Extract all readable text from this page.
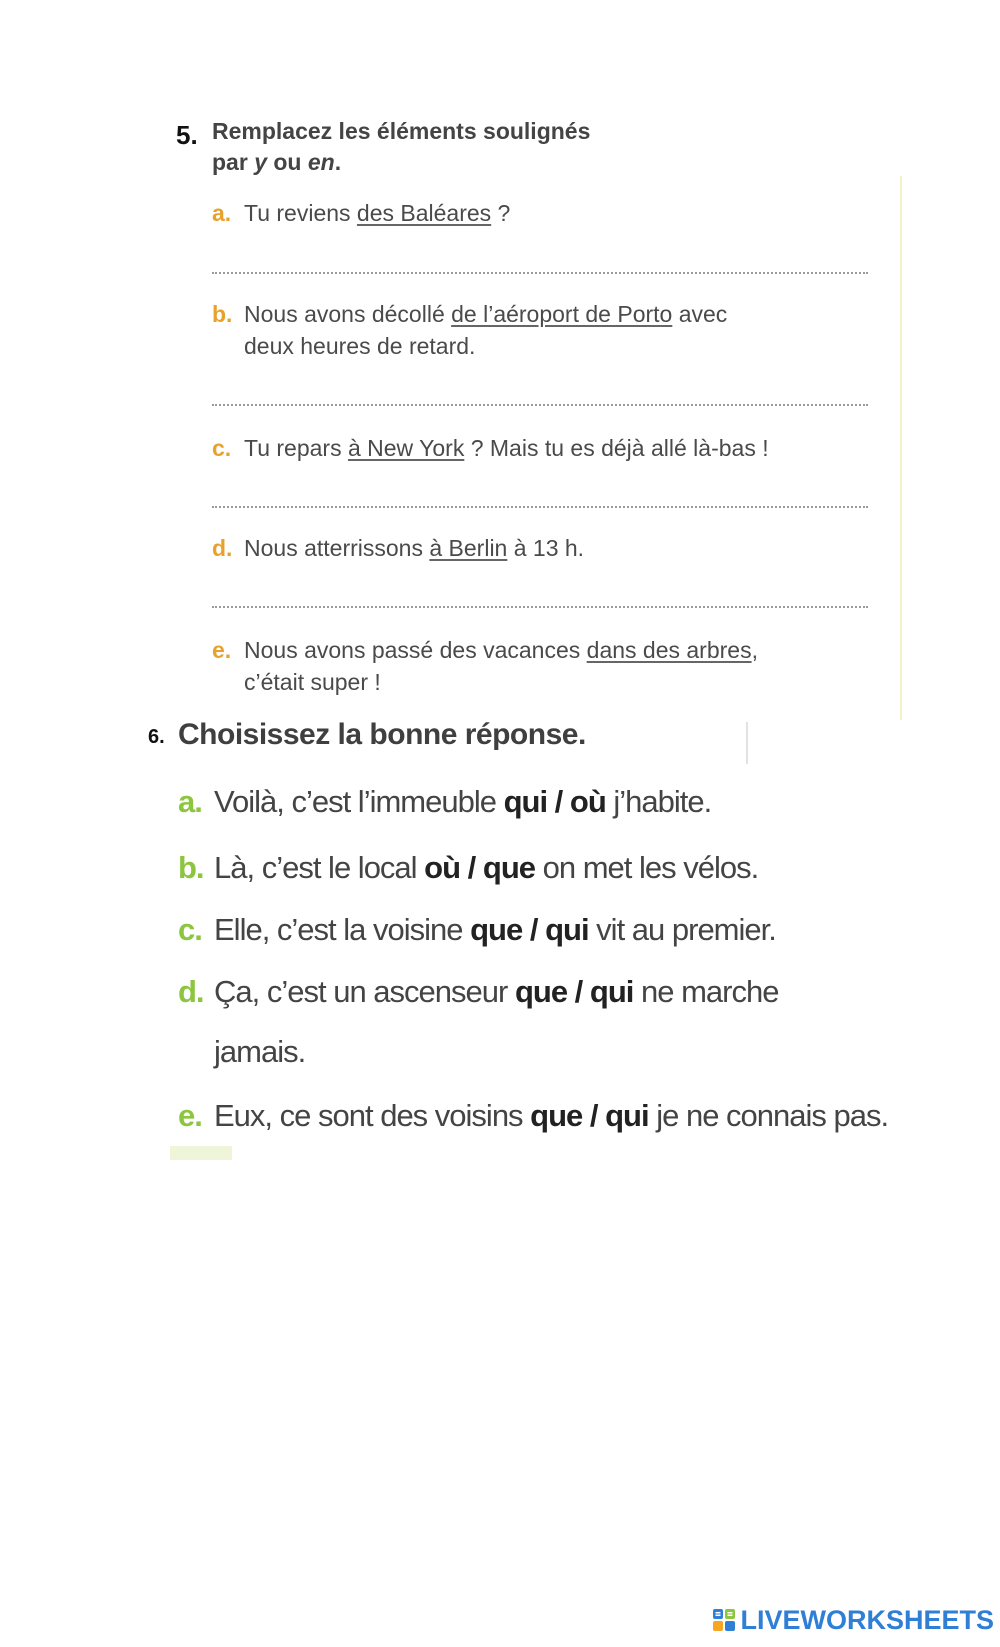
5. Remplacez les éléments soulignés
par y ou en.
a. Tu reviens des Baléares ?
b. Nous avons décollé de l’aéroport de Porto avec
deux heures de retard.
c. Tu repars à New York ? Mais tu es déjà allé là-bas !
d. Nous atterrissons à Berlin à 13 h.
e. Nous avons passé des vacances dans des arbres,
c’était super !
6. Choisissez la bonne réponse.
a. Voilà, c’est l’immeuble qui / où j’habite.
b. Là, c’est le local où / que on met les vélos.
c. Elle, c’est la voisine que / qui vit au premier.
d. Ça, c’est un ascenseur que / qui ne marche
jamais.
e. Eux, ce sont des voisins que / qui je ne connais pas.
LIVEWORKSHEETS
